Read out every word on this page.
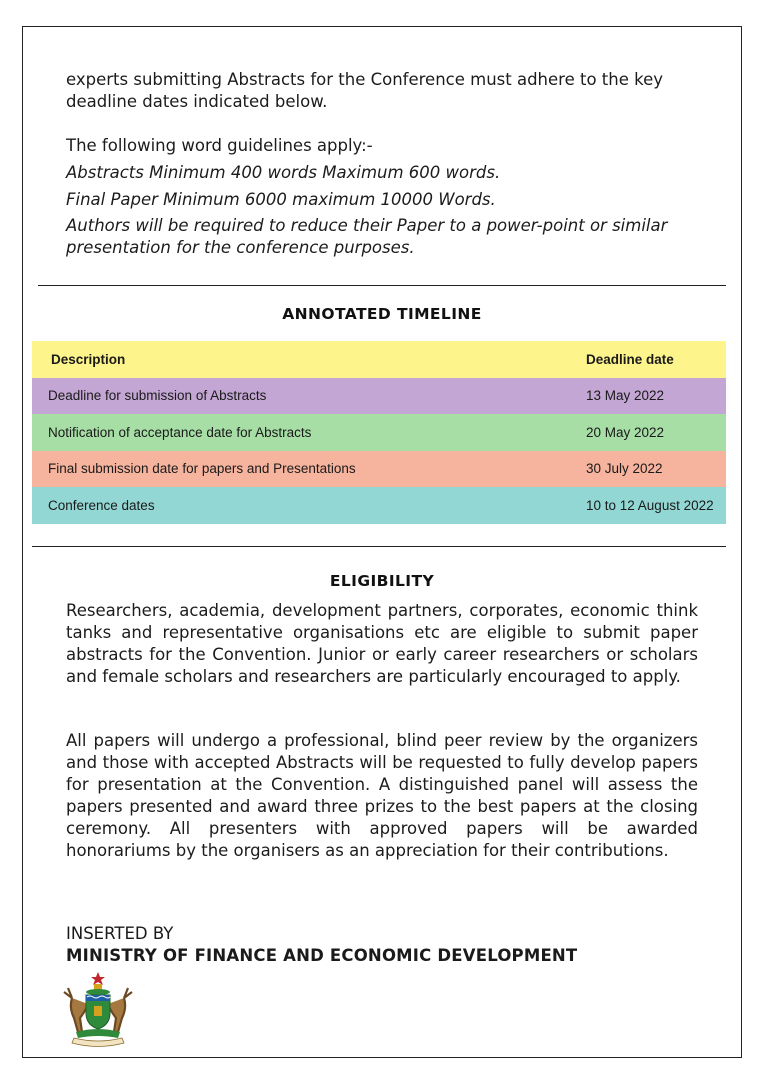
experts submitting Abstracts for the Conference must adhere to the key deadline dates indicated below.

The following word guidelines apply:-

Abstracts Minimum 400 words Maximum 600 words.

Final Paper Minimum 6000 maximum 10000 Words.

Authors will be required to reduce their Paper to a power-point or similar presentation for the conference purposes.

ANNOTATED TIMELINE
Description	Deadline date
Deadline for submission of Abstracts	13 May 2022
Notification of acceptance date for Abstracts	20 May 2022
Final submission date for papers and Presentations	30 July 2022
Conference dates	10 to 12 August 2022
ELIGIBILITY

Researchers, academia, development partners, corporates, economic think tanks and representative organisations etc are eligible to submit paper abstracts for the Convention. Junior or early career researchers or scholars and female scholars and researchers are particularly encouraged to apply.

All papers will undergo a professional, blind peer review by the organizers and those with accepted Abstracts will be requested to fully develop papers for presentation at the Convention. A distinguished panel will assess the papers presented and award three prizes to the best papers at the closing ceremony. All presenters with approved papers will be awarded honorariums by the organisers as an appreciation for their contributions.

INSERTED BY

MINISTRY OF FINANCE AND ECONOMIC DEVELOPMENT
